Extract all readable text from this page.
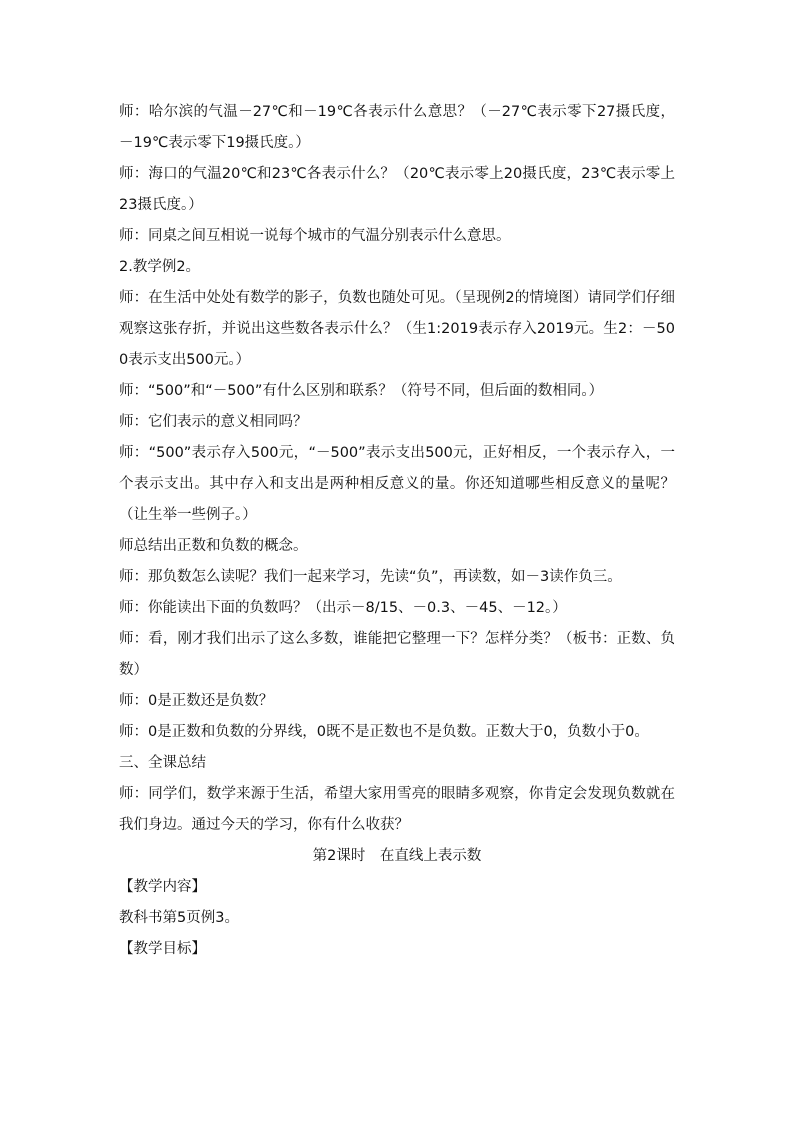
师：哈尔滨的气温－27℃和－19℃各表示什么意思？（－27℃表示零下27摄氏度，－19℃表示零下19摄氏度。）

师：海口的气温20℃和23℃各表示什么？（20℃表示零上20摄氏度，23℃表示零上23摄氏度。）

师：同桌之间互相说一说每个城市的气温分别表示什么意思。

2.教学例2。

师：在生活中处处有数学的影子，负数也随处可见。（呈现例2的情境图）请同学们仔细观察这张存折，并说出这些数各表示什么？（生1:2019表示存入2019元。生2：－500表示支出500元。）

师：“500”和“－500”有什么区别和联系？（符号不同，但后面的数相同。）

师：它们表示的意义相同吗？

师：“500”表示存入500元，“－500”表示支出500元，正好相反，一个表示存入，一个表示支出。其中存入和支出是两种相反意义的量。你还知道哪些相反意义的量呢？（让生举一些例子。）

师总结出正数和负数的概念。

师：那负数怎么读呢？我们一起来学习，先读“负”，再读数，如－3读作负三。

师：你能读出下面的负数吗？（出示－8/15、－0.3、－45、－12。）

师：看，刚才我们出示了这么多数，谁能把它整理一下？怎样分类？（板书：正数、负数）

师：0是正数还是负数？

师：0是正数和负数的分界线，0既不是正数也不是负数。正数大于0，负数小于0。

三、全课总结

师：同学们，数学来源于生活，希望大家用雪亮的眼睛多观察，你肯定会发现负数就在我们身边。通过今天的学习，你有什么收获？

第2课时　在直线上表示数

【教学内容】

教科书第5页例3。

【教学目标】
